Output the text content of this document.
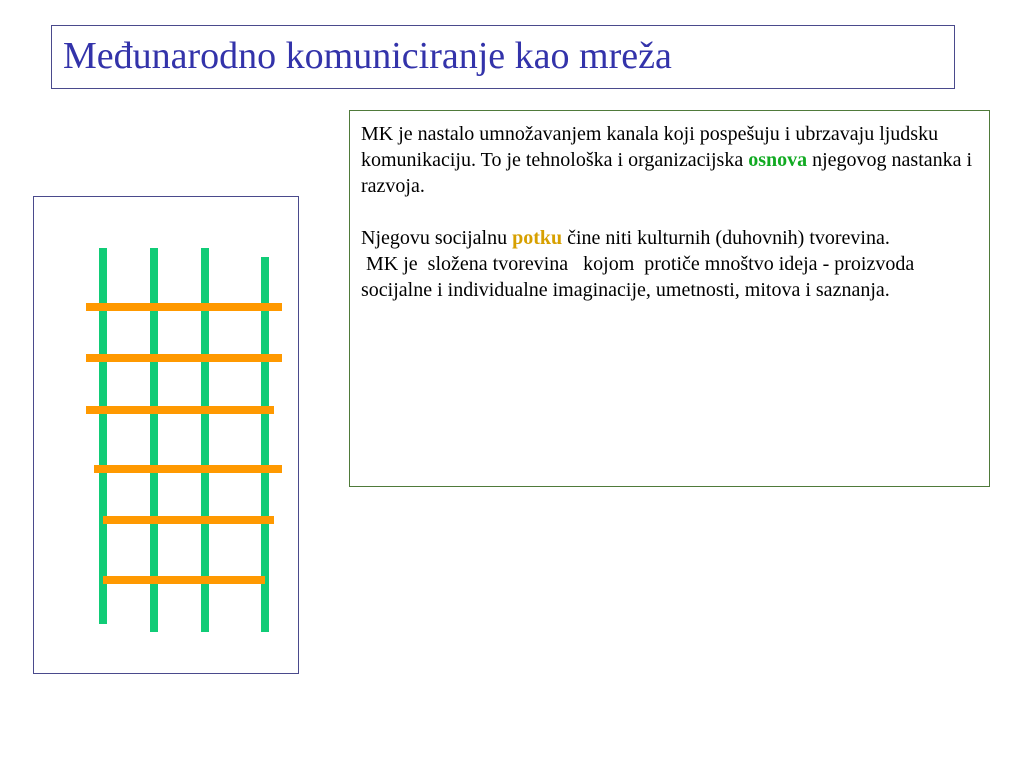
Međunarodno komuniciranje kao mreža

MK je nastalo umnožavanjem kanala koji pospešuju i ubrzavaju ljudsku komunikaciju. To je tehnološka i organizacijska osnova njegovog nastanka i razvoja.

Njegovu socijalnu potku čine niti kulturnih (duhovnih) tvorevina.

MK je  složena tvorevina   kojom  protiče mnoštvo ideja - proizvoda socijalne i individualne imaginacije, umetnosti, mitova i saznanja.
